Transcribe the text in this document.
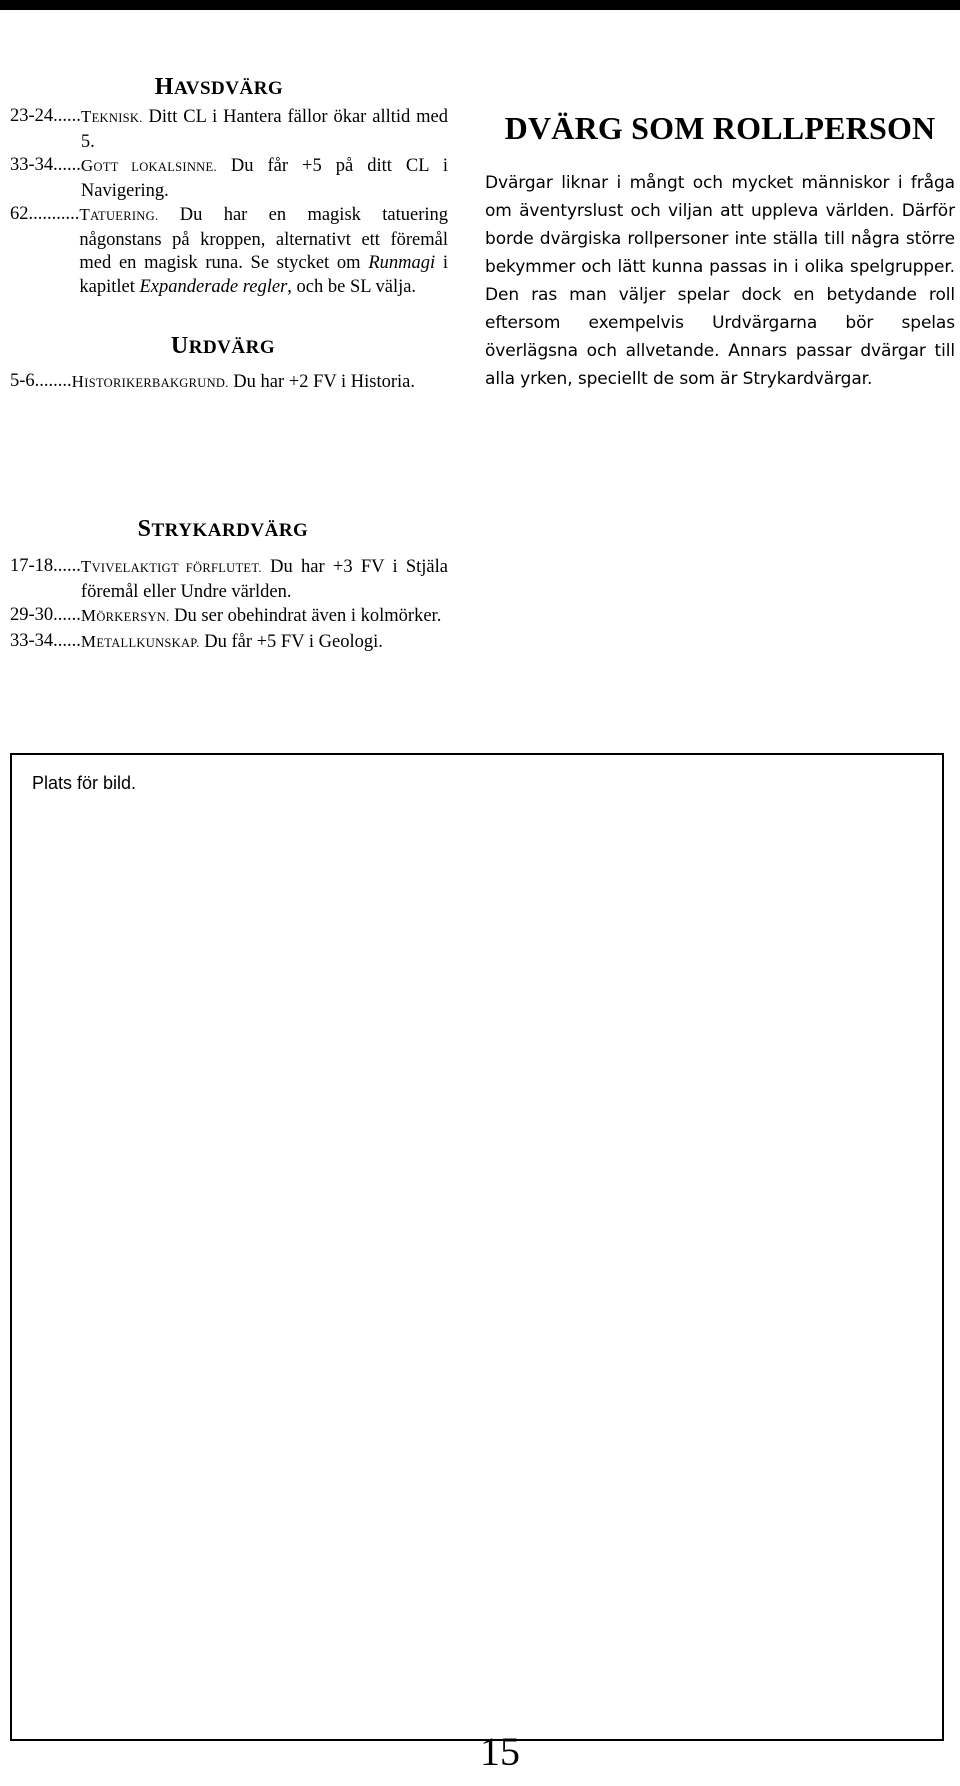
HAVSDVÄRG

23-24...... TEKNISK. Ditt CL i Hantera fällor ökar alltid med 5.

33-34...... GOTT LOKALSINNE. Du får +5 på ditt CL i Navigering.

62........... TATUERING. Du har en magisk tatuering någonstans på kroppen, alternativt ett föremål med en magisk runa. Se stycket om Runmagi i kapitlet Expanderade regler, och be SL välja.

URDVÄRG

5-6........ HISTORIKERBAKGRUND. Du har +2 FV i Historia.

DVÄRG SOM ROLLPERSON

Dvärgar liknar i mångt och mycket människor i fråga om äventyrslust och viljan att uppleva världen. Därför borde dvärgiska rollpersoner inte ställa till några större bekymmer och lätt kunna passas in i olika spelgrupper. Den ras man väljer spelar dock en betydande roll eftersom exempelvis Urdvärgarna bör spelas överlägsna och allvetande. Annars passar dvärgar till alla yrken, speciellt de som är Strykardvärgar.

STRYKARDVÄRG

17-18...... TVIVELAKTIGT FÖRFLUTET. Du har +3 FV i Stjäla föremål eller Undre världen.

29-30...... MÖRKERSYN. Du ser obehindrat även i kolmörker.

33-34...... METALLKUNSKAP. Du får +5 FV i Geologi.

Plats för bild.
15
